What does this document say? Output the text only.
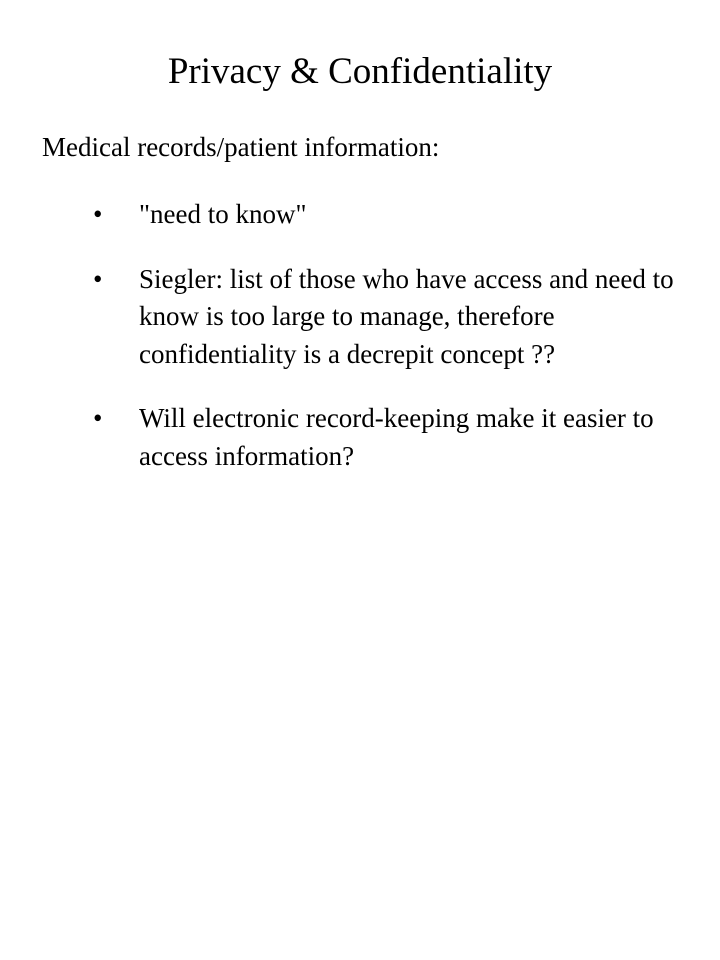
Privacy & Confidentiality

Medical records/patient information:

• "need to know"
• Siegler: list of those who have access and need to know is too large to manage, therefore confidentiality is a decrepit concept ??
• Will electronic record-keeping make it easier to access information?
